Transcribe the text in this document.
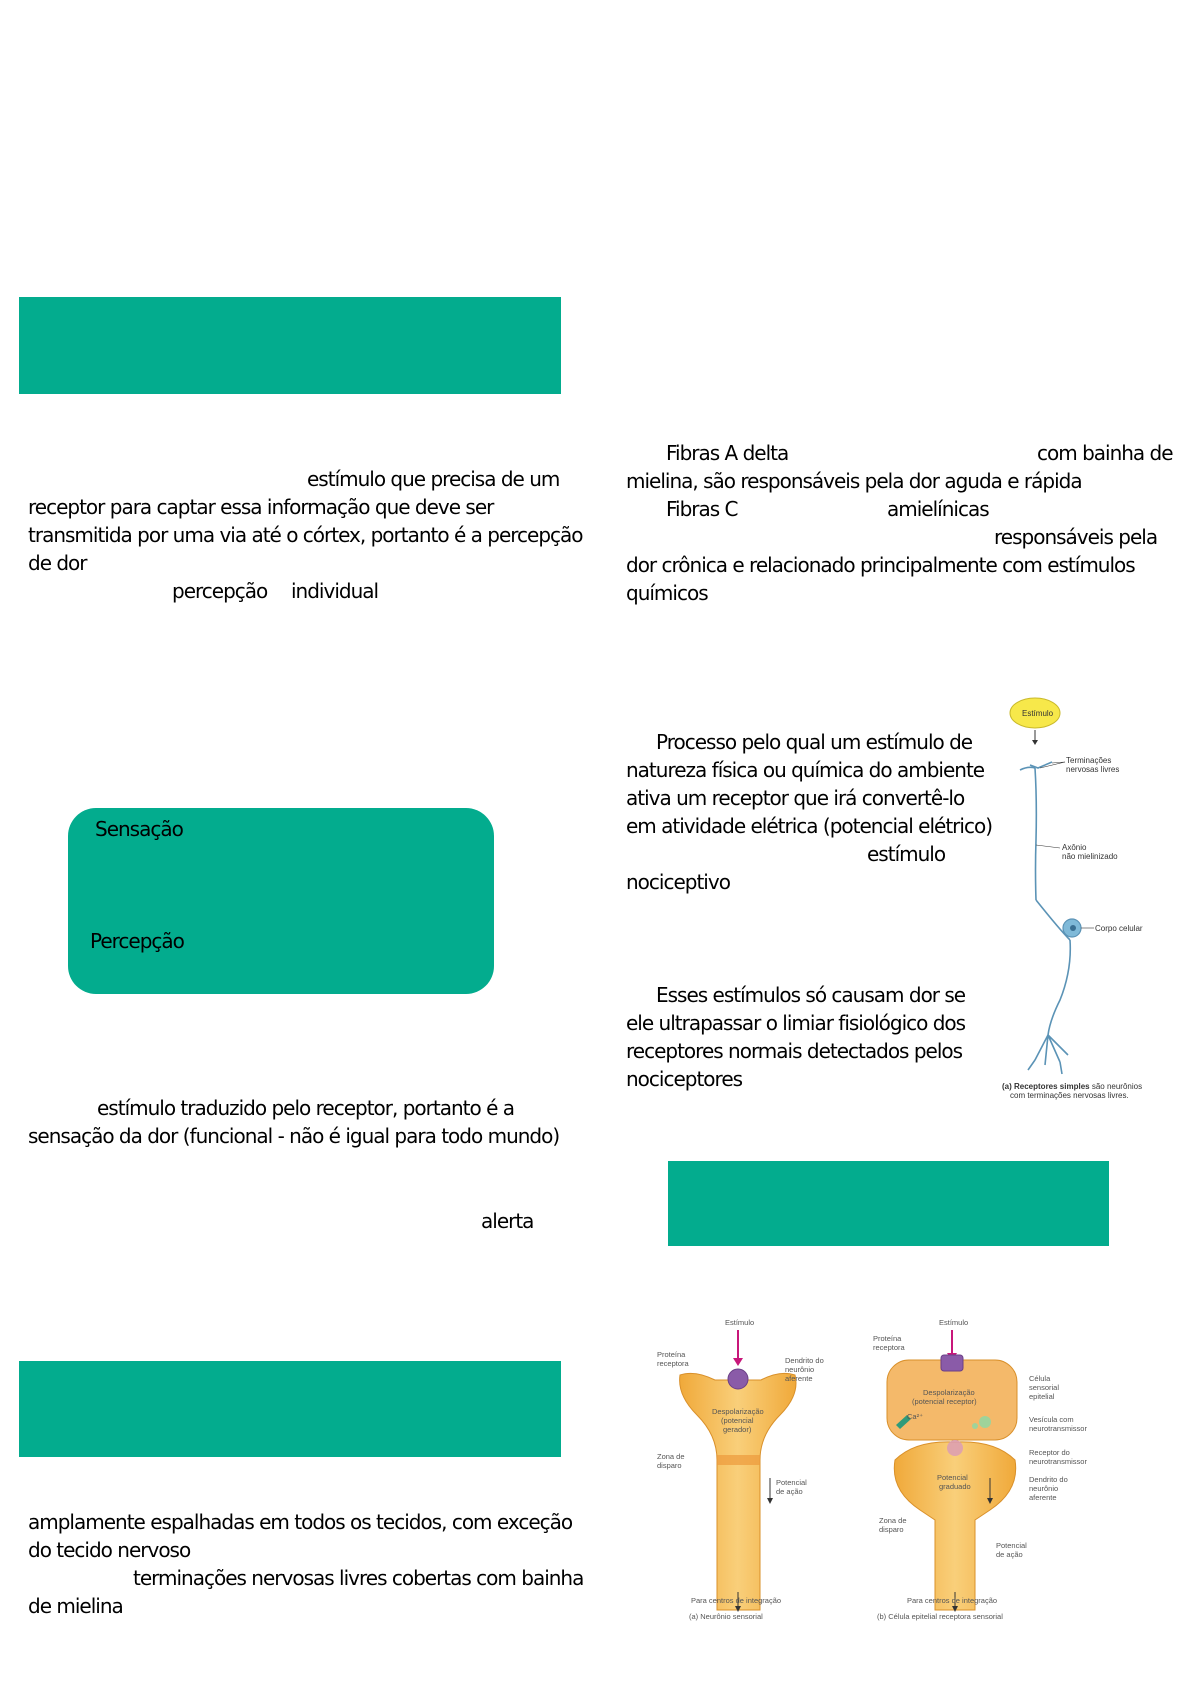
estímulo que precisa de um
receptor para captar essa informação que deve ser
transmitida por uma via até o córtex, portanto é a percepção
de dor
percepção individual
Sensação
Percepção
estímulo traduzido pelo receptor, portanto é a
sensação da dor (funcional - não é igual para todo mundo)
alerta
amplamente espalhadas em todos os tecidos, com exceção
do tecido nervoso
terminações nervosas livres cobertas com bainha
de mielina
Fibras A delta	com bainha de
mielina, são responsáveis pela dor aguda e rápida
Fibras C	amielínicas
responsáveis pela
dor crônica e relacionado principalmente com estímulos
químicos
Processo pelo qual um estímulo de
natureza física ou química do ambiente
ativa um receptor que irá convertê-lo
em atividade elétrica (potencial elétrico)
estímulo
nociceptivo
Esses estímulos só causam dor se
ele ultrapassar o limiar fisiológico dos
receptores normais detectados pelos
nociceptores
Estímulo
Terminações
nervosas livres
Axônio
não mielinizado
Corpo celular
(a) Receptores simples são neurônios
com terminações nervosas livres.
Estímulo
Proteína
receptora	Dendrito do
neurônio
aferente
Despolarização
(potencial
gerador)
Zona de
disparo
Potencial
de ação
Para centros de integração
(a) Neurônio sensorial
Estímulo
Proteína
receptora
Célula
sensorial
epitelial
Despolarização
(potencial receptor)
Ca²⁺	Vesícula com
neurotransmissor
Receptor do
neurotransmissor
Potencial
graduado
Dendrito do
neurônio
aferente
Zona de
disparo
Potencial
de ação
Para centros de integração
(b) Célula epitelial receptora sensorial
